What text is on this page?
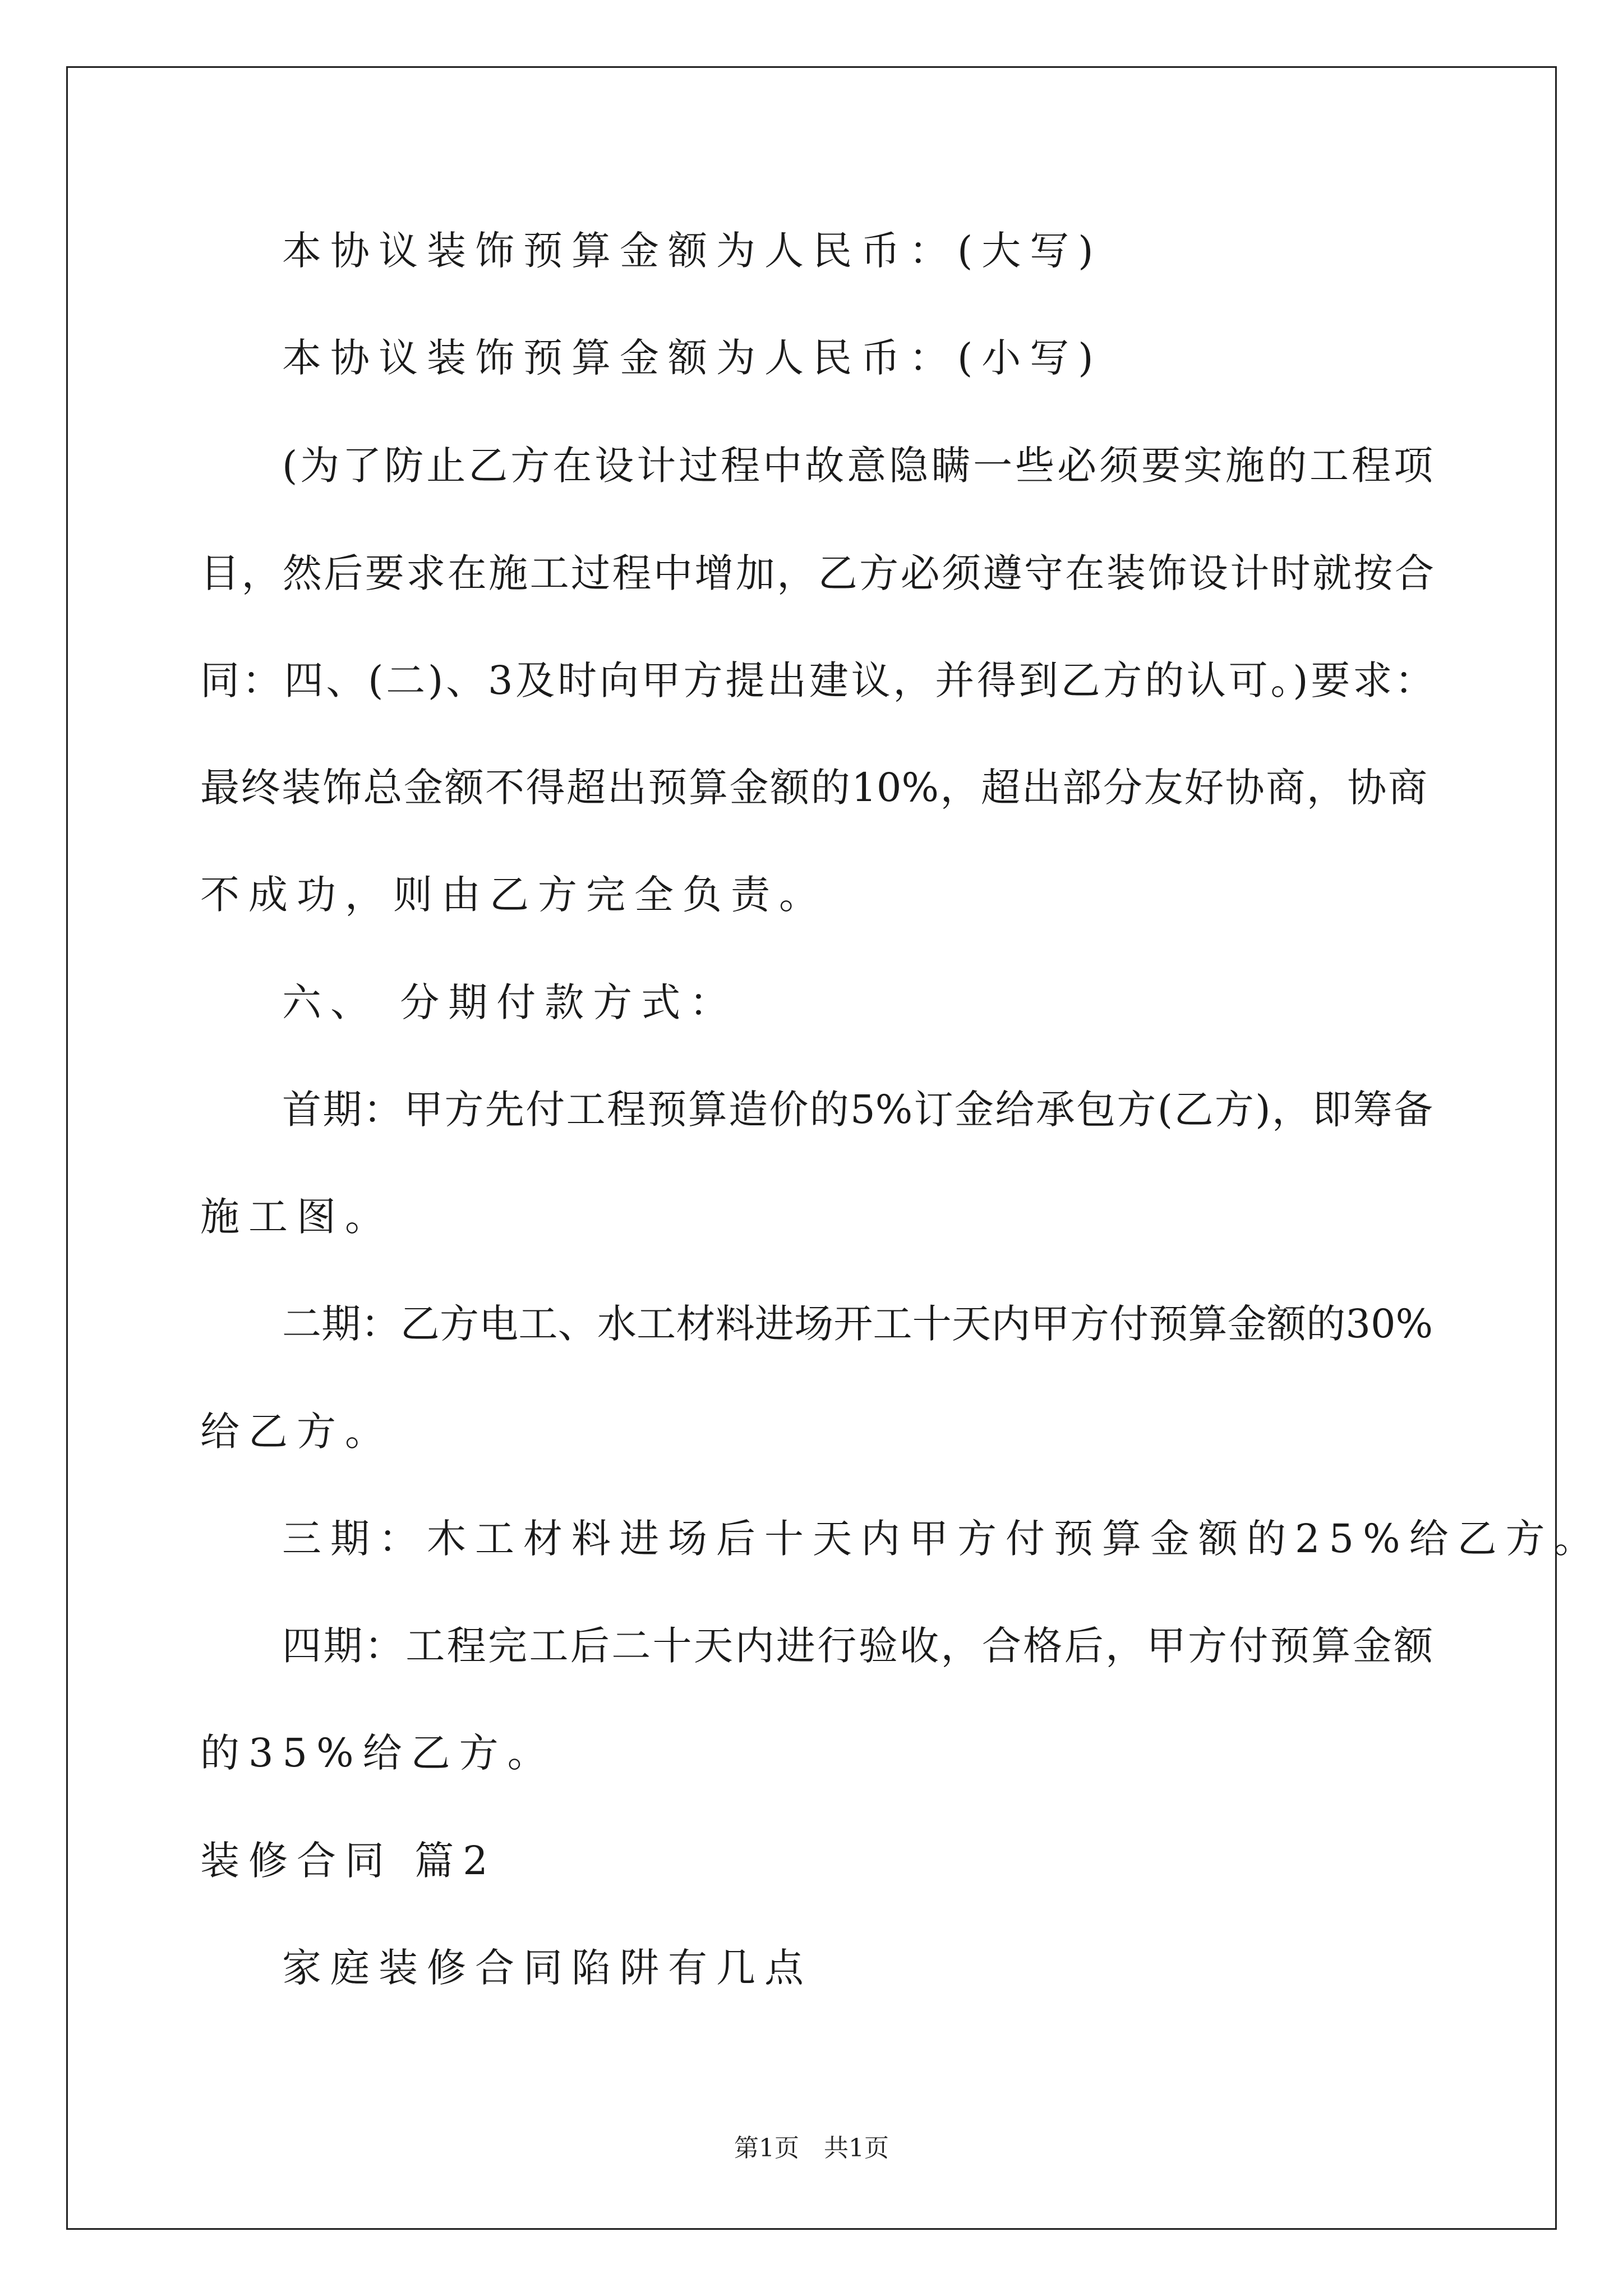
本协议装饰预算金额为人民币：(大写)

本协议装饰预算金额为人民币：(小写)

(为了防止乙方在设计过程中故意隐瞒一些必须要实施的工程项

目，然后要求在施工过程中增加，乙方必须遵守在装饰设计时就按合

同：四、(二)、3及时向甲方提出建议，并得到乙方的认可。)要求：

最终装饰总金额不得超出预算金额的10%，超出部分友好协商，协商

不成功，则由乙方完全负责。

六、 分期付款方式：

首期：甲方先付工程预算造价的5%订金给承包方(乙方)，即筹备

施工图。

二期：乙方电工、水工材料进场开工十天内甲方付预算金额的30%

给乙方。

三期：木工材料进场后十天内甲方付预算金额的25%给乙方。

四期：工程完工后二十天内进行验收，合格后，甲方付预算金额

的35%给乙方。

装修合同 篇2

家庭装修合同陷阱有几点

第1页　共1页
